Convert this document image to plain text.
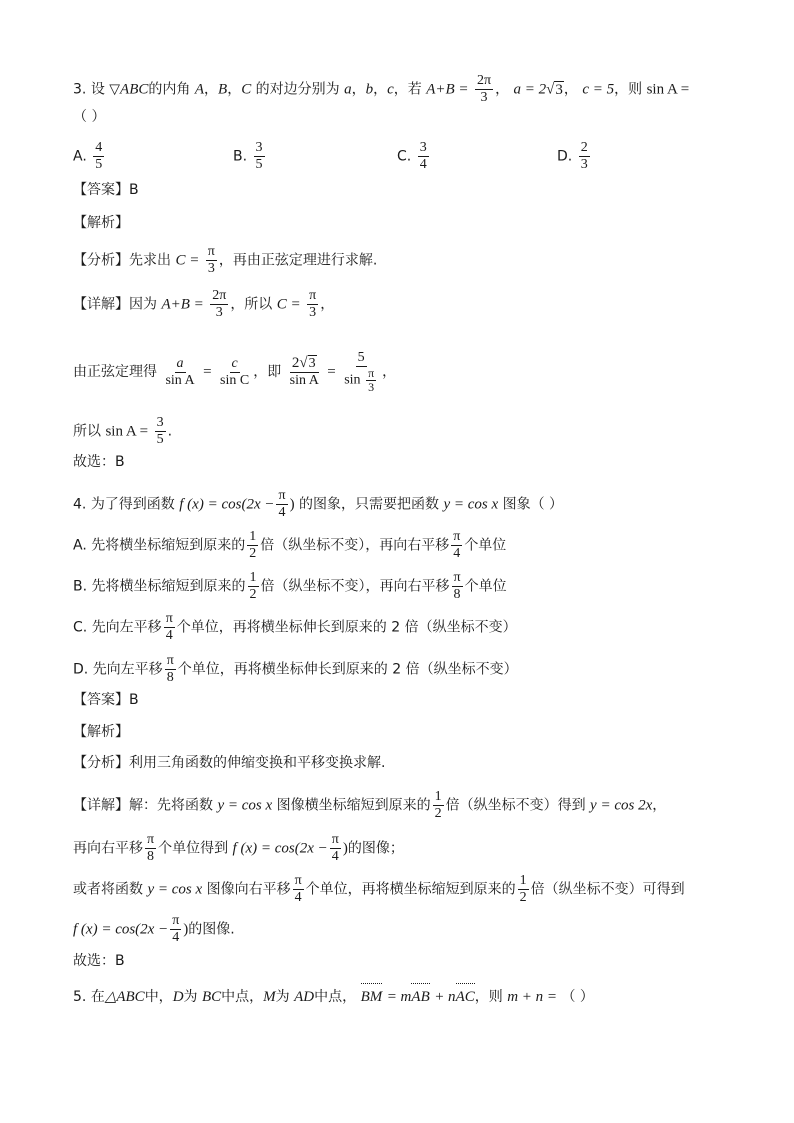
3. 设 ▽ABC的内角 A，B，C 的对边分别为 a，b，c，若 $A+B = \frac{2\pi}{3}$ ， a = 2√3， c = 5，则 sin A =
（ ）
A. $\frac{4}{5}$	B. $\frac{3}{5}$	C. $\frac{3}{4}$	D. $\frac{2}{3}$
【答案】B
【解析】
【分析】先求出 $C = \frac{\pi}{3}$ ，再由正弦定理进行求解.
【详解】因为 $A+B = \frac{2\pi}{3}$ ，所以 $C = \frac{\pi}{3}$ ，
由正弦定理得 $\frac{a}{\text{sin A}} = \frac{c}{\text{sin C}}$ ，即 $\frac{2√3}{\text{sin A}} = \frac{5}{\sin \frac{\pi}{3}}$ ，
所以 $\sin A = \frac{3}{5}$ .
故选：B
4. 为了得到函数 f $(x) = \cos(2x - \frac{\pi}{4}$ ) 的图象，只需要把函数 y = cos x 图象（ ）
A. 先将横坐标缩短到原来的 $\frac{1}{2}$ 倍（纵坐标不变），再向右平移 $\frac{\pi}{4}$ 个单位
B. 先将横坐标缩短到原来的 $\frac{1}{2}$ 倍（纵坐标不变），再向右平移 $\frac{\pi}{8}$ 个单位
C. 先向左平移 $\frac{\pi}{4}$ 个单位，再将横坐标伸长到原来的 2 倍（纵坐标不变）
D. 先向左平移 $\frac{\pi}{8}$ 个单位，再将横坐标伸长到原来的 2 倍（纵坐标不变）
【答案】B
【解析】
【分析】利用三角函数的伸缩变换和平移变换求解.
【详解】解：先将函数 y = cos x 图像横坐标缩短到原来的 $\frac{1}{2}$ 倍（纵坐标不变）得到 y = cos 2x，
再向右平移 $\frac{\pi}{8}$ 个单位得到 f $(x) = \cos(2x - \frac{\pi}{4}$ )的图像；
或者将函数 y = cos x 图像向右平移 $\frac{\pi}{4}$ 个单位，再将横坐标缩短到原来的 $\frac{1}{2}$ 倍（纵坐标不变）可得到
f $(x) = \cos(2x - \frac{\pi}{4}$ )的图像.
故选：B
5. 在△ABC中，D为 BC中点，M为 AD中点， BM = mAB + nAC，则 m + n = （ ）
